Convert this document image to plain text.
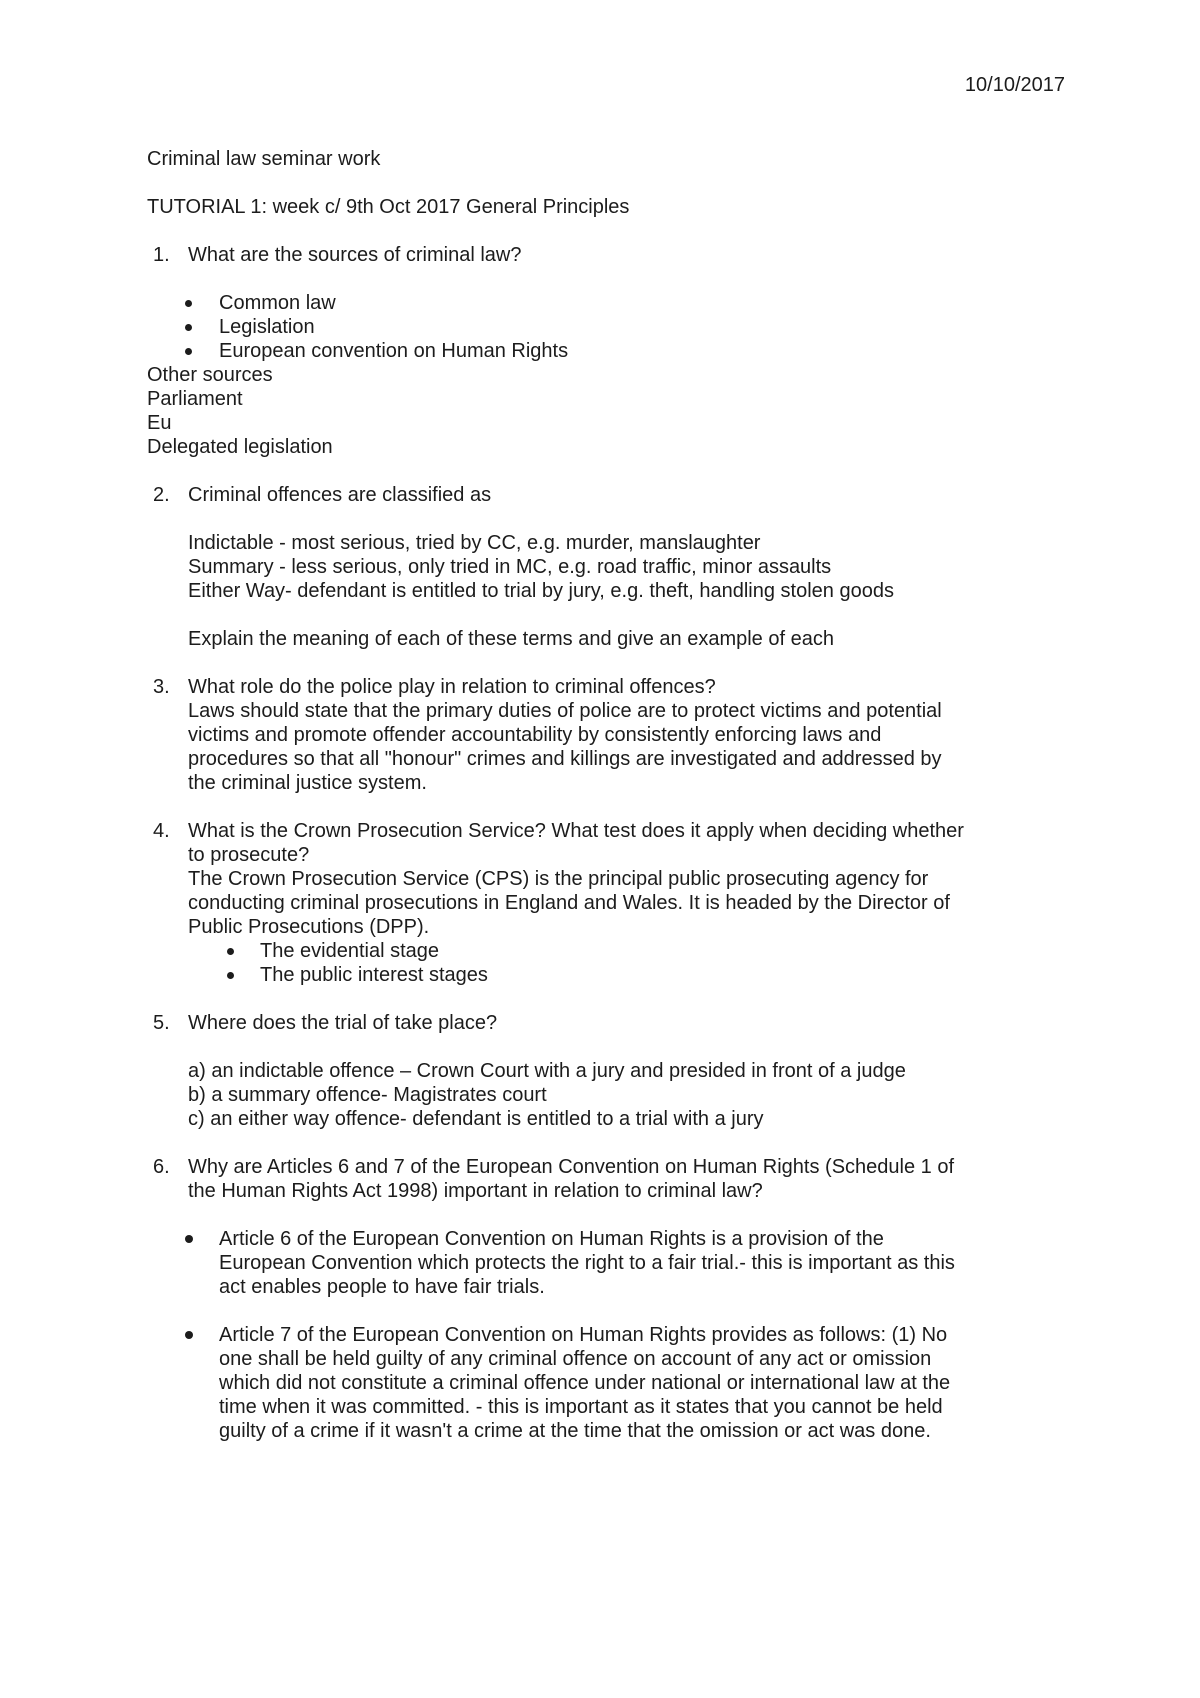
10/10/2017

Criminal law seminar work

TUTORIAL 1: week c/ 9th Oct 2017 General Principles

1. What are the sources of criminal law?

Common law
Legislation
European convention on Human Rights

Other sources

Parliament

Eu

Delegated legislation

2. Criminal offences are classified as

Indictable - most serious, tried by CC, e.g. murder, manslaughter

Summary - less serious, only tried in MC, e.g. road traffic, minor assaults

Either Way- defendant is entitled to trial by jury, e.g. theft, handling stolen goods

Explain the meaning of each of these terms and give an example of each

3. What role do the police play in relation to criminal offences?

Laws should state that the primary duties of police are to protect victims and potential

victims and promote offender accountability by consistently enforcing laws and

procedures so that all "honour" crimes and killings are investigated and addressed by

the criminal justice system.

4. What is the Crown Prosecution Service? What test does it apply when deciding whether

to prosecute?

The Crown Prosecution Service (CPS) is the principal public prosecuting agency for

conducting criminal prosecutions in England and Wales. It is headed by the Director of

Public Prosecutions (DPP).

The evidential stage
The public interest stages
5. Where does the trial of take place?

a) an indictable offence – Crown Court with a jury and presided in front of a judge

b) a summary offence- Magistrates court

c) an either way offence- defendant is entitled to a trial with a jury

6. Why are Articles 6 and 7 of the European Convention on Human Rights (Schedule 1 of

the Human Rights Act 1998) important in relation to criminal law?

Article 6 of the European Convention on Human Rights is a provision of the

European Convention which protects the right to a fair trial.- this is important as this

act enables people to have fair trials.

Article 7 of the European Convention on Human Rights provides as follows: (1) No

one shall be held guilty of any criminal offence on account of any act or omission

which did not constitute a criminal offence under national or international law at the

time when it was committed. - this is important as it states that you cannot be held

guilty of a crime if it wasn't a crime at the time that the omission or act was done.
